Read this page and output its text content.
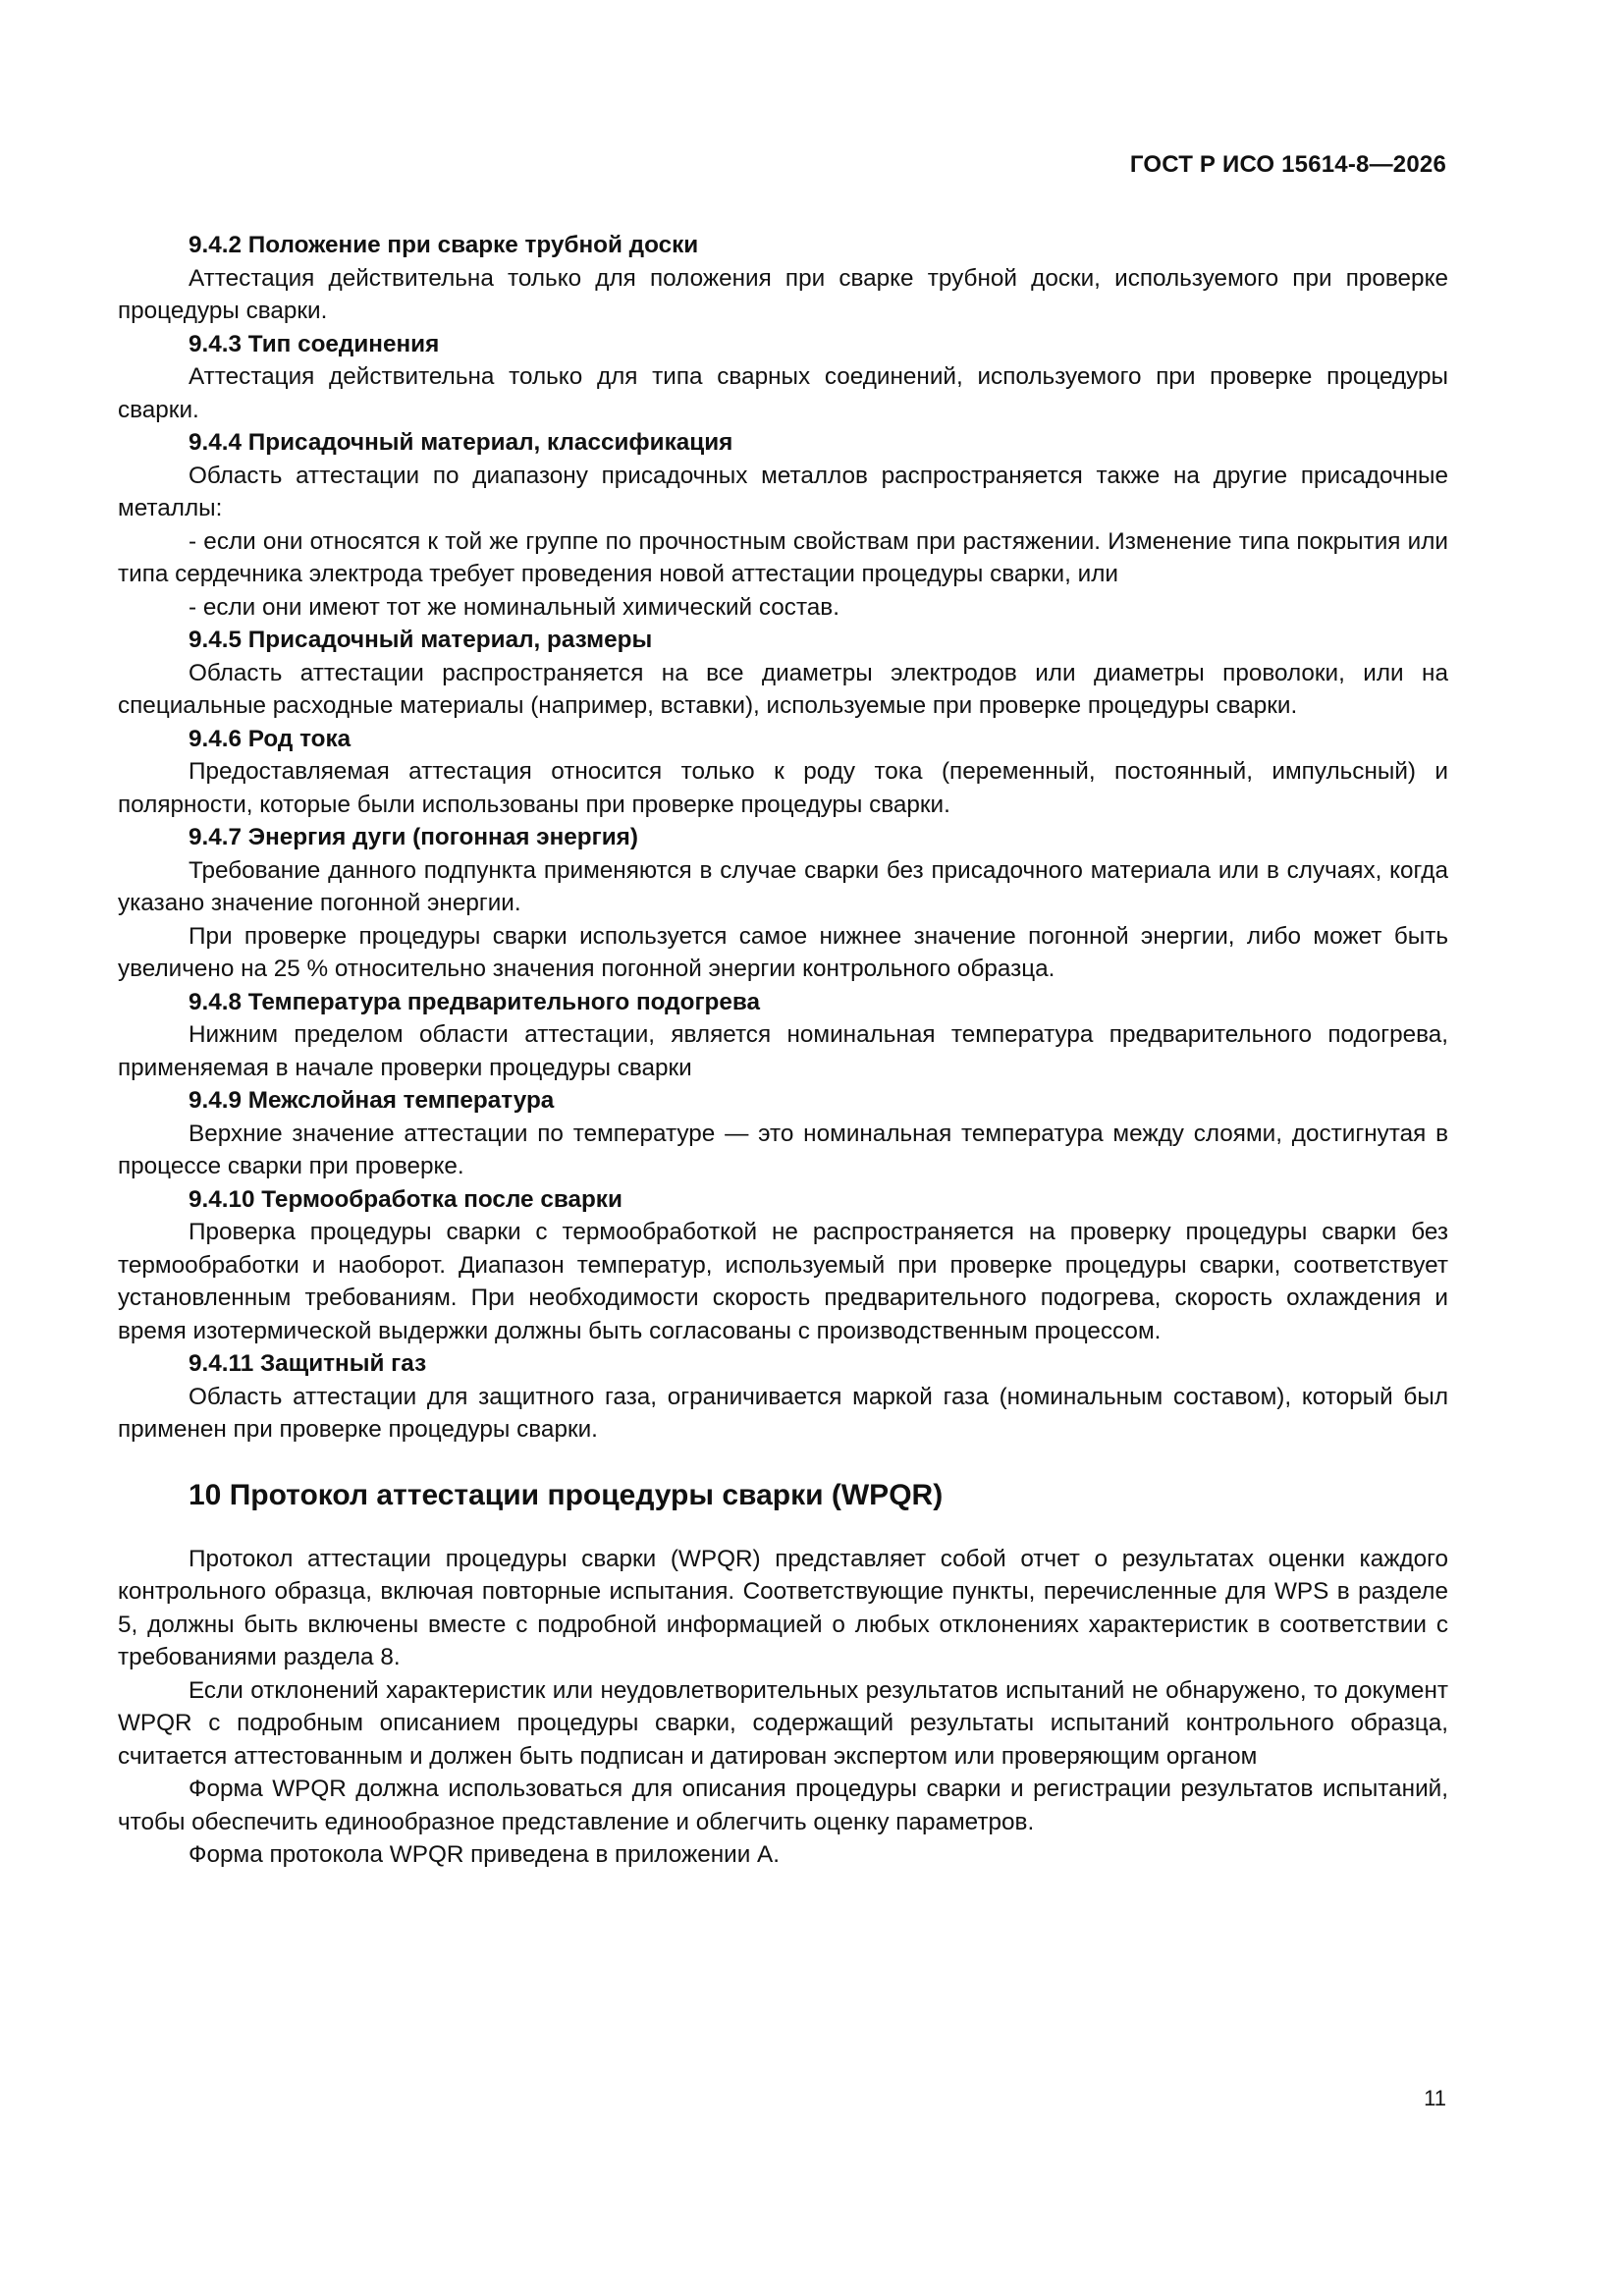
ГОСТ Р ИСО 15614-8—2026

9.4.2 Положение при сварке трубной доски

Аттестация действительна только для положения при сварке трубной доски, используемого при проверке процедуры сварки.

9.4.3 Тип соединения

Аттестация действительна только для типа сварных соединений, используемого при проверке процедуры сварки.

9.4.4 Присадочный материал, классификация

Область аттестации по диапазону присадочных металлов распространяется также на другие присадочные металлы:

- если они относятся к той же группе по прочностным свойствам при растяжении. Изменение типа покрытия или типа сердечника электрода требует проведения новой аттестации процедуры сварки, или

- если они имеют тот же номинальный химический состав.

9.4.5 Присадочный материал, размеры

Область аттестации распространяется на все диаметры электродов или диаметры проволоки, или на специальные расходные материалы (например, вставки), используемые при проверке процедуры сварки.

9.4.6 Род тока

Предоставляемая аттестация относится только к роду тока (переменный, постоянный, импульсный) и полярности, которые были использованы при проверке процедуры сварки.

9.4.7 Энергия дуги (погонная энергия)

Требование данного подпункта применяются в случае сварки без присадочного материала или в случаях, когда указано значение погонной энергии.

При проверке процедуры сварки используется самое нижнее значение погонной энергии, либо может быть увеличено на 25 % относительно значения погонной энергии контрольного образца.

9.4.8 Температура предварительного подогрева

Нижним пределом области аттестации, является номинальная температура предварительного подогрева, применяемая в начале проверки процедуры сварки

9.4.9 Межслойная температура

Верхние значение аттестации по температуре — это номинальная температура между слоями, достигнутая в процессе сварки при проверке.

9.4.10 Термообработка после сварки

Проверка процедуры сварки с термообработкой не распространяется на проверку процедуры сварки без термообработки и наоборот. Диапазон температур, используемый при проверке процедуры сварки, соответствует установленным требованиям. При необходимости скорость предварительного подогрева, скорость охлаждения и время изотермической выдержки должны быть согласованы с производственным процессом.

9.4.11 Защитный газ

Область аттестации для защитного газа, ограничивается маркой газа (номинальным составом), который был применен при проверке процедуры сварки.

10 Протокол аттестации процедуры сварки (WPQR)

Протокол аттестации процедуры сварки (WPQR) представляет собой отчет о результатах оценки каждого контрольного образца, включая повторные испытания. Соответствующие пункты, перечисленные для WPS в разделе 5, должны быть включены вместе с подробной информацией о любых отклонениях характеристик в соответствии с требованиями раздела 8.

Если отклонений характеристик или неудовлетворительных результатов испытаний не обнаружено, то документ WPQR с подробным описанием процедуры сварки, содержащий результаты испытаний контрольного образца, считается аттестованным и должен быть подписан и датирован экспертом или проверяющим органом

Форма WPQR должна использоваться для описания процедуры сварки и регистрации результатов испытаний, чтобы обеспечить единообразное представление и облегчить оценку параметров.

Форма протокола WPQR приведена в приложении А.

11
